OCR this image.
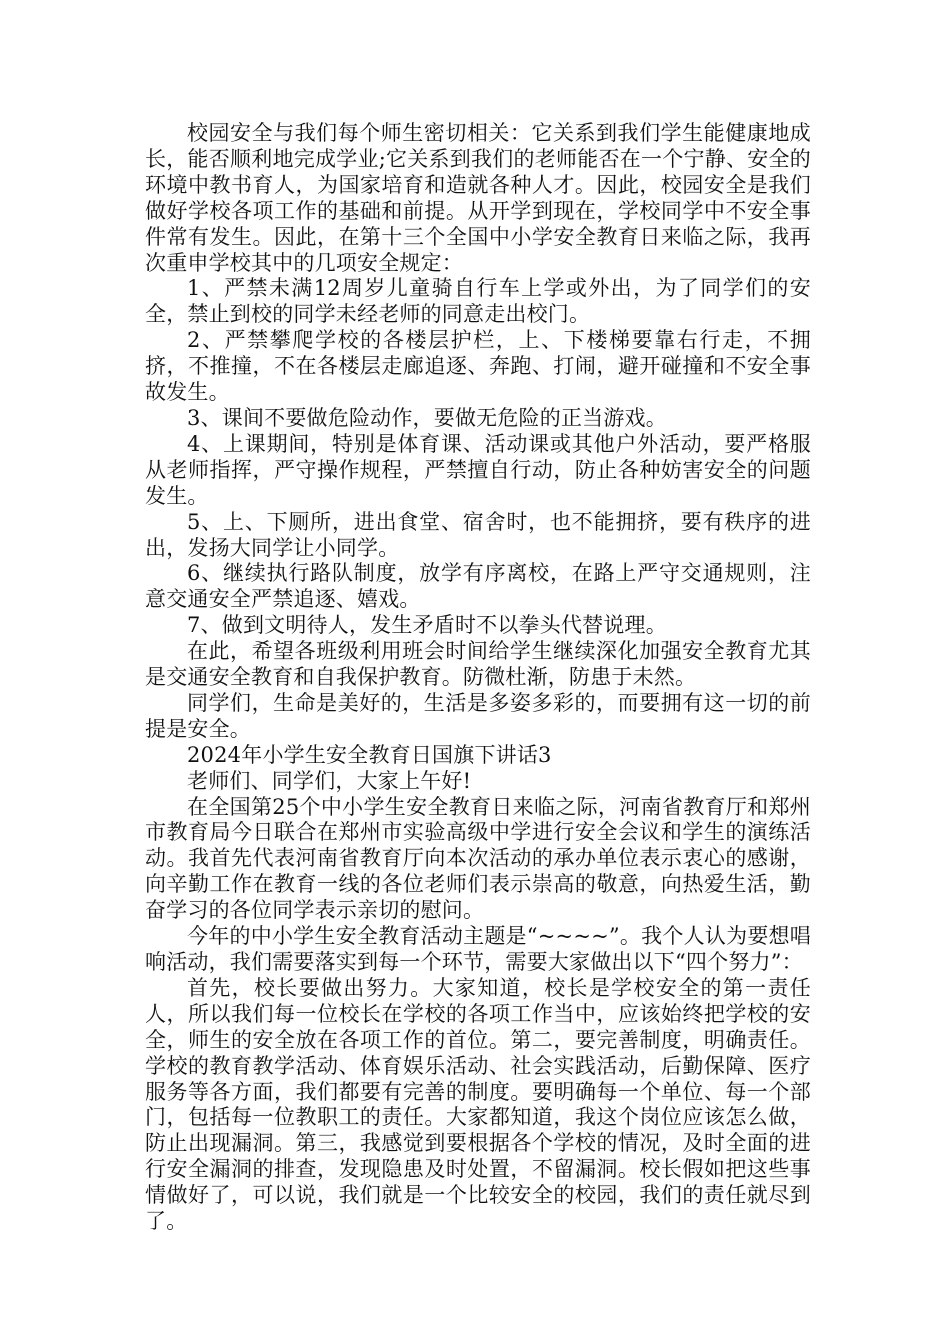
校园安全与我们每个师生密切相关：它关系到我们学生能健康地成长，能否顺利地完成学业;它关系到我们的老师能否在一个宁静、安全的环境中教书育人，为国家培育和造就各种人才。因此，校园安全是我们做好学校各项工作的基础和前提。从开学到现在，学校同学中不安全事件常有发生。因此，在第十三个全国中小学安全教育日来临之际，我再次重申学校其中的几项安全规定：

1、严禁未满12周岁儿童骑自行车上学或外出，为了同学们的安全，禁止到校的同学未经老师的同意走出校门。

2、严禁攀爬学校的各楼层护栏，上、下楼梯要靠右行走，不拥挤，不推撞，不在各楼层走廊追逐、奔跑、打闹，避开碰撞和不安全事故发生。

3、课间不要做危险动作，要做无危险的正当游戏。

4、上课期间，特别是体育课、活动课或其他户外活动，要严格服从老师指挥，严守操作规程，严禁擅自行动，防止各种妨害安全的问题发生。

5、上、下厕所，进出食堂、宿舍时，也不能拥挤，要有秩序的进出，发扬大同学让小同学。

6、继续执行路队制度，放学有序离校，在路上严守交通规则，注意交通安全严禁追逐、嬉戏。

7、做到文明待人，发生矛盾时不以拳头代替说理。

在此，希望各班级利用班会时间给学生继续深化加强安全教育尤其是交通安全教育和自我保护教育。防微杜渐，防患于未然。

同学们，生命是美好的，生活是多姿多彩的，而要拥有这一切的前提是安全。

2024年小学生安全教育日国旗下讲话3

老师们、同学们，大家上午好!

在全国第25个中小学生安全教育日来临之际，河南省教育厅和郑州市教育局今日联合在郑州市实验高级中学进行安全会议和学生的演练活动。我首先代表河南省教育厅向本次活动的承办单位表示衷心的感谢，向辛勤工作在教育一线的各位老师们表示崇高的敬意，向热爱生活，勤奋学习的各位同学表示亲切的慰问。

今年的中小学生安全教育活动主题是“~~~~”。我个人认为要想唱响活动，我们需要落实到每一个环节，需要大家做出以下“四个努力”：

首先，校长要做出努力。大家知道，校长是学校安全的第一责任人，所以我们每一位校长在学校的各项工作当中，应该始终把学校的安全，师生的安全放在各项工作的首位。第二，要完善制度，明确责任。学校的教育教学活动、体育娱乐活动、社会实践活动，后勤保障、医疗服务等各方面，我们都要有完善的制度。要明确每一个单位、每一个部门，包括每一位教职工的责任。大家都知道，我这个岗位应该怎么做，防止出现漏洞。第三，我感觉到要根据各个学校的情况，及时全面的进行安全漏洞的排查，发现隐患及时处置，不留漏洞。校长假如把这些事情做好了，可以说，我们就是一个比较安全的校园，我们的责任就尽到了。
